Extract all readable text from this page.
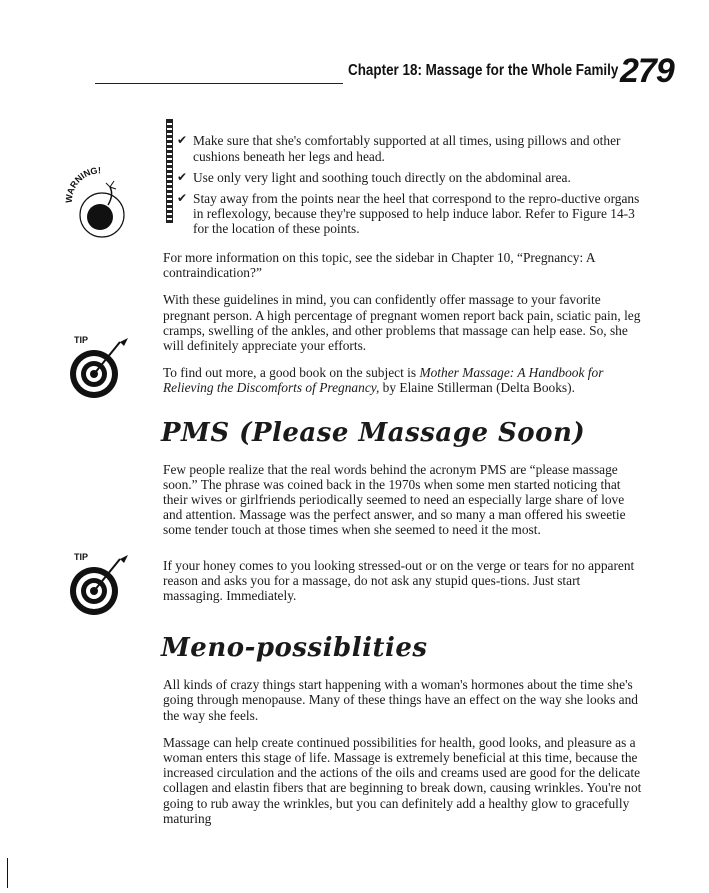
Chapter 18: Massage for the Whole Family 279
WARNING!
TIP
TIP
✔ Make sure that she's comfortably supported at all times, using pillows and other cushions beneath her legs and head.
✔ Use only very light and soothing touch directly on the abdominal area.
✔ Stay away from the points near the heel that correspond to the repro-ductive organs in reflexology, because they're supposed to help induce labor. Refer to Figure 14-3 for the location of these points.

For more information on this topic, see the sidebar in Chapter 10, “Pregnancy: A contraindication?”

With these guidelines in mind, you can confidently offer massage to your favorite pregnant person. A high percentage of pregnant women report back pain, sciatic pain, leg cramps, swelling of the ankles, and other problems that massage can help ease. So, she will definitely appreciate your efforts.

To find out more, a good book on the subject is Mother Massage: A Handbook for Relieving the Discomforts of Pregnancy, by Elaine Stillerman (Delta Books).

PMS (Please Massage Soon)

Few people realize that the real words behind the acronym PMS are “please massage soon.” The phrase was coined back in the 1970s when some men started noticing that their wives or girlfriends periodically seemed to need an especially large share of love and attention. Massage was the perfect answer, and so many a man offered his sweetie some tender touch at those times when she seemed to need it the most.

If your honey comes to you looking stressed-out or on the verge or tears for no apparent reason and asks you for a massage, do not ask any stupid ques-tions. Just start massaging. Immediately.

Meno-possiblities

All kinds of crazy things start happening with a woman's hormones about the time she's going through menopause. Many of these things have an effect on the way she looks and the way she feels.

Massage can help create continued possibilities for health, good looks, and pleasure as a woman enters this stage of life. Massage is extremely beneficial at this time, because the increased circulation and the actions of the oils and creams used are good for the delicate collagen and elastin fibers that are beginning to break down, causing wrinkles. You're not going to rub away the wrinkles, but you can definitely add a healthy glow to gracefully maturing
